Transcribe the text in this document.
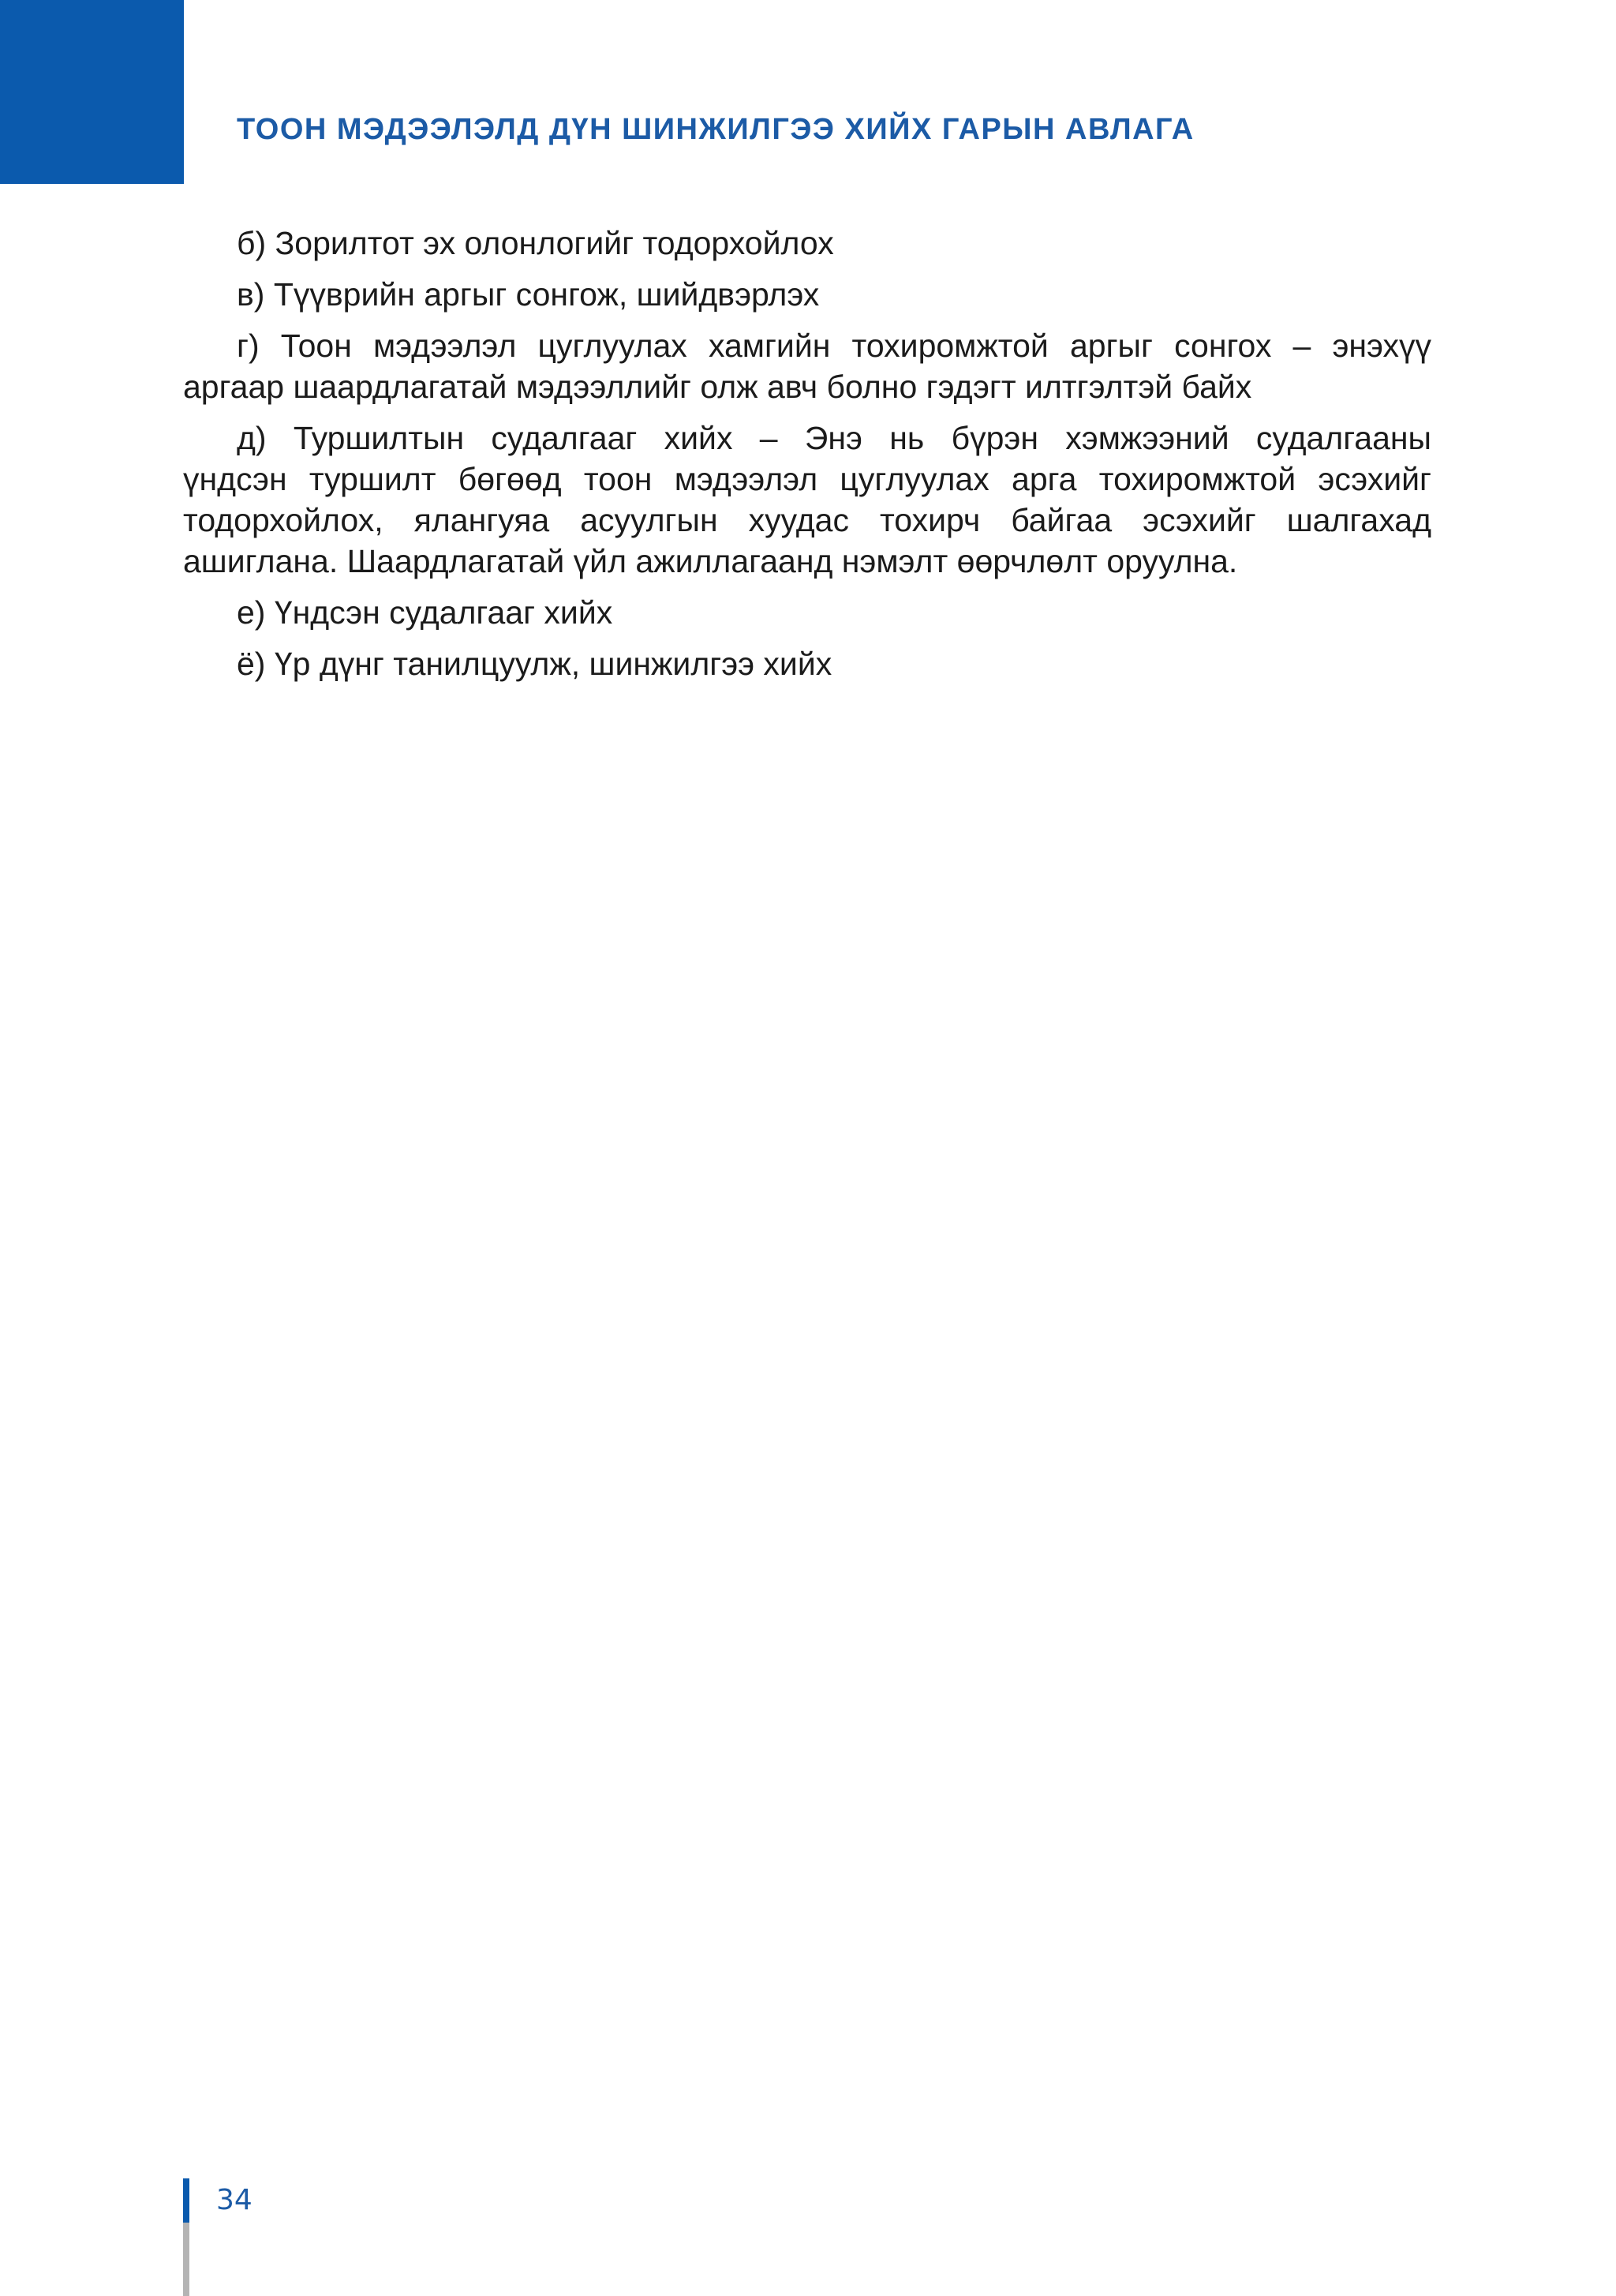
ТООН МЭДЭЭЛЭЛД ДҮН ШИНЖИЛГЭЭ ХИЙХ ГАРЫН АВЛАГА
б) Зорилтот эх олонлогийг тодорхойлох
в) Түүврийн аргыг сонгож, шийдвэрлэх
г) Тоон мэдээлэл цуглуулах хамгийн тохиромжтой аргыг сонгох – энэхүү
аргаар шаардлагатай мэдээллийг олж авч болно гэдэгт илтгэлтэй байх
д) Туршилтын судалгааг хийх – Энэ нь бүрэн хэмжээний судалгааны
үндсэн туршилт бөгөөд тоон мэдээлэл цуглуулах арга тохиромжтой эсэхийг
тодорхойлох, ялангуяа асуулгын хуудас тохирч байгаа эсэхийг шалгахад
ашиглана. Шаардлагатай үйл ажиллагаанд нэмэлт өөрчлөлт оруулна.
е) Үндсэн судалгааг хийх
ё) Үр дүнг танилцуулж, шинжилгээ хийх
34
